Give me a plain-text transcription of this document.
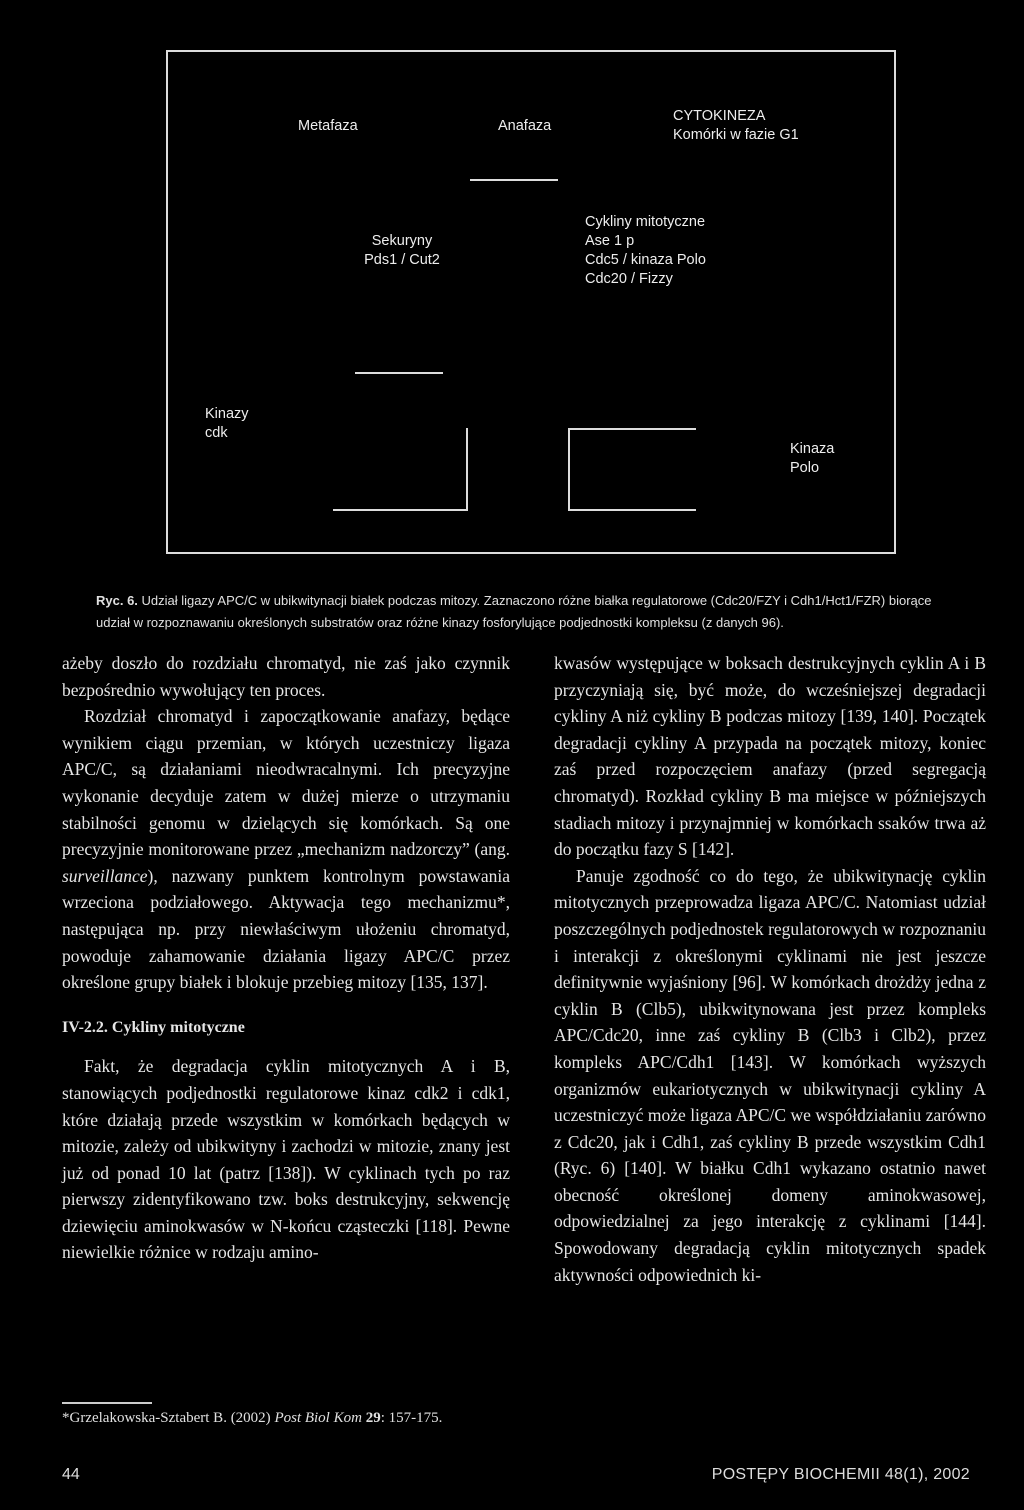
Metafaza	Anafaza
CYTOKINEZA
Komórki w fazie G1
Sekuryny
Pds1 / Cut2
Cykliny mitotyczne
Ase 1 p
Cdc5 / kinaza Polo
Cdc20 / Fizzy
Kinazy
cdk
Kinaza
Polo
Ryc. 6. Udział ligazy APC/C w ubikwitynacji białek podczas mitozy. Zaznaczono różne białka regulatorowe (Cdc20/FZY i Cdh1/Hct1/FZR) biorące udział w rozpoznawaniu określonych substratów oraz różne kinazy fosforylujące podjednostki kompleksu (z danych 96).

ażeby doszło do rozdziału chromatyd, nie zaś jako czynnik bezpośrednio wywołujący ten proces.

Rozdział chromatyd i zapoczątkowanie anafazy, będące wynikiem ciągu przemian, w których uczestniczy ligaza APC/C, są działaniami nieodwracalnymi. Ich precyzyjne wykonanie decyduje zatem w dużej mierze o utrzymaniu stabilności genomu w dzielących się komórkach. Są one precyzyjnie monitorowane przez „mechanizm nadzorczy” (ang. surveillance), nazwany punktem kontrolnym powstawania wrzeciona podziałowego. Aktywacja tego mechanizmu*, następująca np. przy niewłaściwym ułożeniu chromatyd, powoduje zahamowanie działania ligazy APC/C przez określone grupy białek i blokuje przebieg mitozy [135, 137].

IV-2.2. Cykliny mitotyczne

Fakt, że degradacja cyklin mitotycznych A i B, stanowiących podjednostki regulatorowe kinaz cdk2 i cdk1, które działają przede wszystkim w komórkach będących w mitozie, zależy od ubikwityny i zachodzi w mitozie, znany jest już od ponad 10 lat (patrz [138]). W cyklinach tych po raz pierwszy zidentyfikowano tzw. boks destrukcyjny, sekwencję dziewięciu aminokwasów w N-końcu cząsteczki [118]. Pewne niewielkie różnice w rodzaju amino-

kwasów występujące w boksach destrukcyjnych cyklin A i B przyczyniają się, być może, do wcześniejszej degradacji cykliny A niż cykliny B podczas mitozy [139, 140]. Początek degradacji cykliny A przypada na początek mitozy, koniec zaś przed rozpoczęciem anafazy (przed segregacją chromatyd). Rozkład cykliny B ma miejsce w późniejszych stadiach mitozy i przynajmniej w komórkach ssaków trwa aż do początku fazy S [142].

Panuje zgodność co do tego, że ubikwitynację cyklin mitotycznych przeprowadza ligaza APC/C. Natomiast udział poszczególnych podjednostek regulatorowych w rozpoznaniu i interakcji z określonymi cyklinami nie jest jeszcze definitywnie wyjaśniony [96]. W komórkach drożdży jedna z cyklin B (Clb5), ubikwitynowana jest przez kompleks APC/Cdc20, inne zaś cykliny B (Clb3 i Clb2), przez kompleks APC/Cdh1 [143]. W komórkach wyższych organizmów eukariotycznych w ubikwitynacji cykliny A uczestniczyć może ligaza APC/C we współdziałaniu zarówno z Cdc20, jak i Cdh1, zaś cykliny B przede wszystkim Cdh1 (Ryc. 6) [140]. W białku Cdh1 wykazano ostatnio nawet obecność określonej domeny aminokwasowej, odpowiedzialnej za jego interakcję z cyklinami [144]. Spowodowany degradacją cyklin mitotycznych spadek aktywności odpowiednich ki-

*Grzelakowska-Sztabert B. (2002) Post Biol Kom 29: 157-175.
44	POSTĘPY BIOCHEMII 48(1), 2002
